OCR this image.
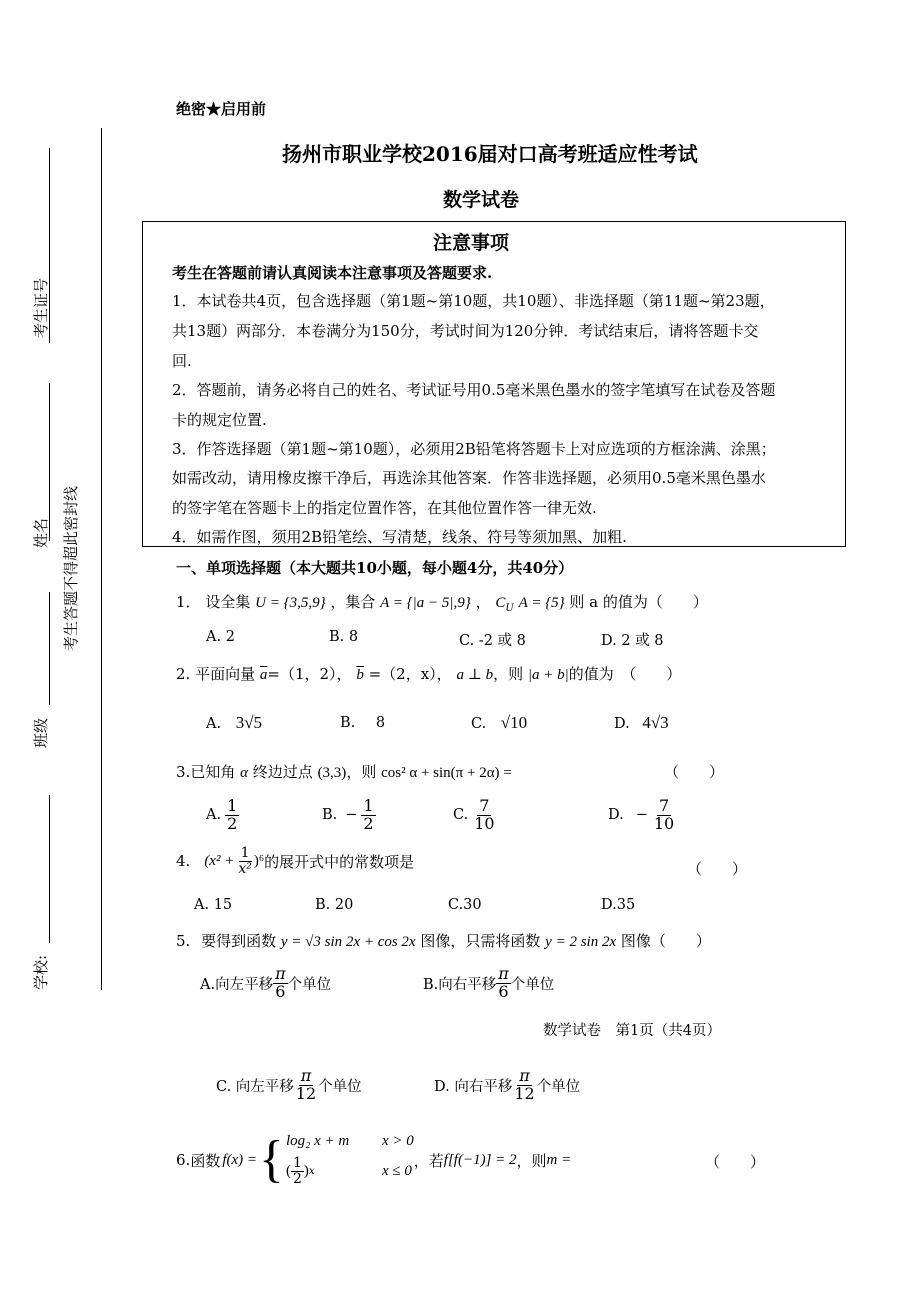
考生证号
姓名 考生答题不得超此密封线
班级
学校:
绝密★启用前
扬州市职业学校2016届对口高考班适应性考试
数学试卷
注意事项
考生在答题前请认真阅读本注意事项及答题要求.
1．本试卷共4页，包含选择题（第1题~第10题，共10题）、非选择题（第11题~第23题，
共13题）两部分．本卷满分为150分，考试时间为120分钟．考试结束后，请将答题卡交
回.
2．答题前，请务必将自己的姓名、考试证号用0.5毫米黑色墨水的签字笔填写在试卷及答题
卡的规定位置.
3．作答选择题（第1题~第10题），必须用2B铅笔将答题卡上对应选项的方框涂满、涂黑；
如需改动，请用橡皮擦干净后，再选涂其他答案．作答非选择题，必须用0.5毫米黑色墨水
的签字笔在答题卡上的指定位置作答，在其他位置作答一律无效.
4．如需作图，须用2B铅笔绘、写清楚，线条、符号等须加黑、加粗.
一、单项选择题（本大题共10小题，每小题4分，共40分）
1． 设全集 U = {3,5,9} ，集合 A = {|a − 5|,9} ， $C_U$ A = {5} 则 a 的值为（　　）
A. 2	B. 8	C. -2 或 8	D. 2 或 8
2. 平面向量 $\overline{a}=(1$，2）， $\overline{b} =(2$，x）， a ⊥ b，则 |a + b|的值为　（　　）
A. 3√5	B. 8	C. √10	D. 4√3
3.已知角 α 终边过点 (3,3)，则 cos² α + sin(π + 2α) =	（　　）
A. $\frac{1}{2}$	B. − $\frac{1}{2}$	C. $\frac{7}{10}$	D. − $\frac{7}{10}$
4. $(x^2 + \frac{1}{\text{x²}} )^6$ 的展开式中的常数项是	（　　）
A. 15	B. 20	C.30	D.35
5. 要得到函数 y = √3 sin 2x + cos 2x 图像，只需将函数 y = 2 sin 2x 图像（　　）
A.向左平移 $\frac{\pi}{6}$ 个单位	B.向右平移 $\frac{\pi}{6}$ 个单位
数学试卷　第1页（共4页）
C. 向左平移 $\frac{\pi}{12}$ 个单位	D. 向右平移 $\frac{\pi}{12}$ 个单位
6. 函数 f(x) = { log₂ x + m	x > 0
( $\frac{1}{2}$ ) x	x ≤ 0
，若 f[f(−1)] = 2 ，则 m =	（　　）
